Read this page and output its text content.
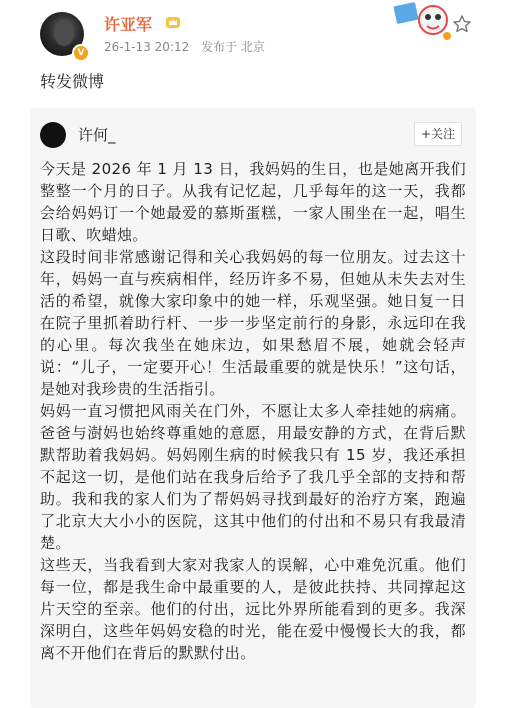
V
许亚军
26-1-13 20:12 发布于 北京
转发微博
许何_	+关注

今天是 2026 年 1 月 13 日，我妈妈的生日，也是她离开我们整整一个月的日子。从我有记忆起，几乎每年的这一天，我都会给妈妈订一个她最爱的慕斯蛋糕，一家人围坐在一起，唱生日歌、吹蜡烛。

这段时间非常感谢记得和关心我妈妈的每一位朋友。过去这十年，妈妈一直与疾病相伴，经历许多不易，但她从未失去对生活的希望，就像大家印象中的她一样，乐观坚强。她日复一日在院子里抓着助行杆、一步一步坚定前行的身影，永远印在我的心里。每次我坐在她床边，如果愁眉不展，她就会轻声说：“儿子，一定要开心！生活最重要的就是快乐！”这句话，是她对我珍贵的生活指引。

妈妈一直习惯把风雨关在门外，不愿让太多人牵挂她的病痛。爸爸与澍妈也始终尊重她的意愿，用最安静的方式，在背后默默帮助着我妈妈。妈妈刚生病的时候我只有 15 岁，我还承担不起这一切，是他们站在我身后给予了我几乎全部的支持和帮助。我和我的家人们为了帮妈妈寻找到最好的治疗方案，跑遍了北京大大小小的医院，这其中他们的付出和不易只有我最清楚。

这些天，当我看到大家对我家人的误解，心中难免沉重。他们每一位，都是我生命中最重要的人，是彼此扶持、共同撑起这片天空的至亲。他们的付出，远比外界所能看到的更多。我深深明白，这些年妈妈安稳的时光，能在爱中慢慢长大的我，都离不开他们在背后的默默付出。
